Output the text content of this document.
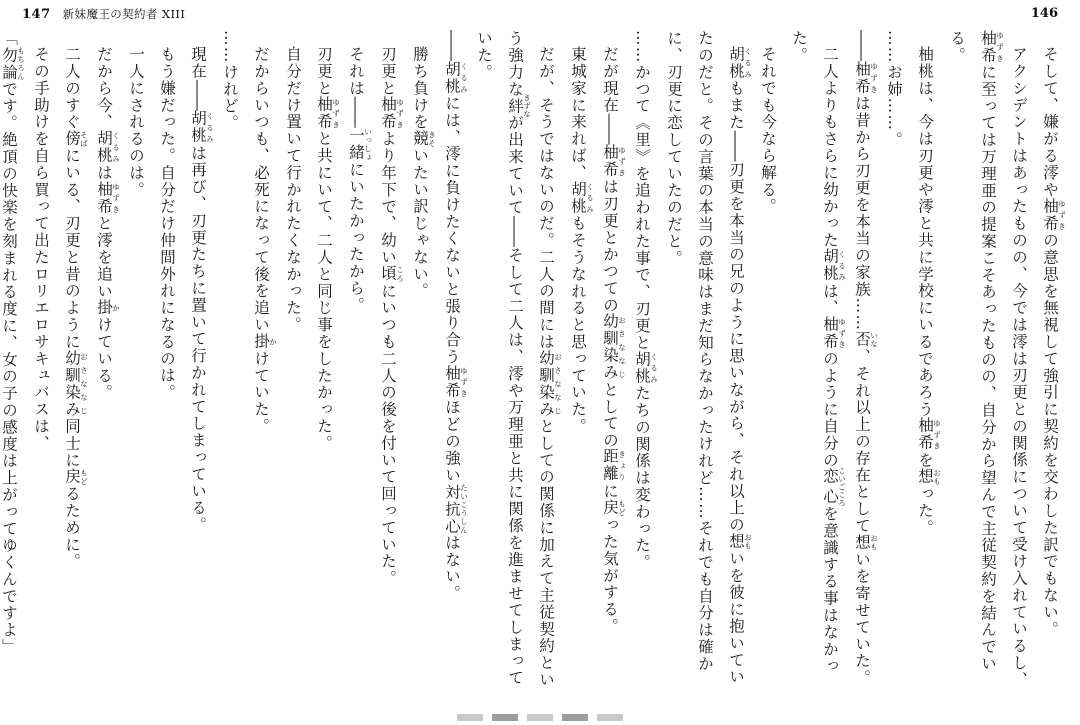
147 新妹魔王の契約者 XIII	146
そして、嫌がる澪や柚希ゆずきの意思を無視して強引に契約を交わした訳でもない。
アクシデントはあったものの、今では澪は刃更との関係について受け入れているし、柚希ゆずきに至っては万理亜の提案こそあったものの、自分から望んで主従契約を結んでいる。
柚桃は、今は刃更や澪と共に学校にいるであろう柚希ゆずきを想おもった。
……お姉……。
――柚希ゆずきは昔から刃更を本当の家族……否いな、それ以上の存在として想おもいを寄せていた。
二人よりもさらに幼かった胡桃くるみは、柚希ゆずきのように自分の恋心こいごころを意識する事はなかった。
それでも今なら解る。
胡桃くるみもまた――刃更を本当の兄のように思いながら、それ以上の想おもいを彼に抱いていたのだと。その言葉の本当の意味はまだ知らなかったけれど……それでも自分は確かに、刃更に恋していたのだと。
……かつて《里》を追われた事で、刃更と胡桃くるみたちの関係は変わった。
だが現在――柚希ゆずきは刃更とかつての幼馴染みおさななじとしての距離きょりに戻もどった気がする。
東城家に来れば、胡桃くるみもそうなれると思っていた。
だが、そうではないのだ。二人の間には幼馴染みおさななじとしての関係に加えて主従契約という強力な絆きずなが出来ていて――そして二人は、澪や万理亜と共に関係を進ませてしまっていた。
――胡桃くるみには、澪に負けたくないと張り合う柚希ゆずきほどの強い対抗心たいこうしんはない。
勝ち負けを競きそいたい訳じゃない。
刃更と柚希ゆずきより年下で、幼い頃ころにいつも二人の後を付いて回っていた。
それは――一緒いっしょにいたかったから。
刃更と柚希ゆずきと共にいて、二人と同じ事をしたかった。
自分だけ置いて行かれたくなかった。
だからいつも、必死になって後を追い掛かけていた。
……けれど。
現在――胡桃くるみは再び、刃更たちに置いて行かれてしまっている。
もう嫌だった。自分だけ仲間外れになるのは。
一人にされるのは。
だから今、胡桃くるみは柚希ゆずきと澪を追い掛かけている。
二人のすぐ傍そばにいる、刃更と昔のように幼馴染みおさななじ同士に戻もどるために。
その手助けを自ら買って出たロリエロサキュバスは、
「勿論もちろんです。絶頂の快楽を刻まれる度に、女の子の感度は上がってゆくんですよ」
